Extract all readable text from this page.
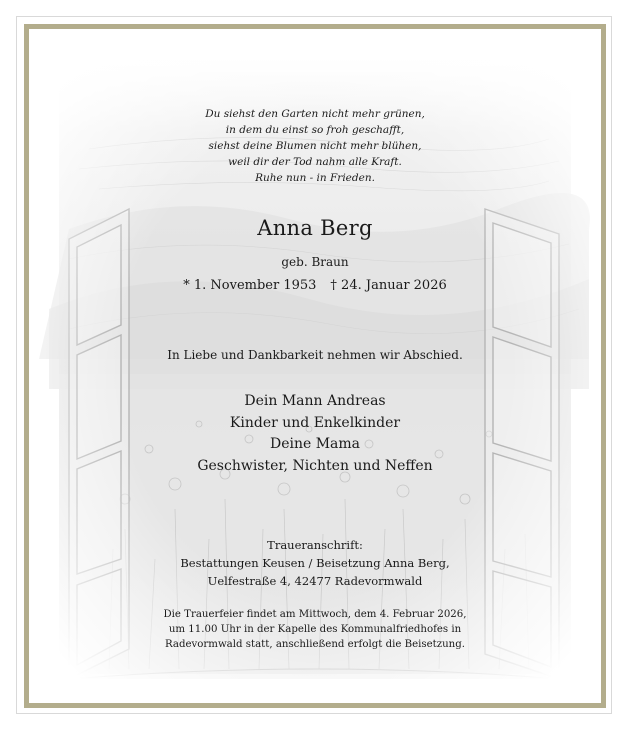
Du siehst den Garten nicht mehr grünen,
in dem du einst so froh geschafft,
siehst deine Blumen nicht mehr blühen,
weil dir der Tod nahm alle Kraft.
Ruhe nun - in Frieden.
Anna Berg
geb. Braun
* 1. November 1953 † 24. Januar 2026
In Liebe und Dankbarkeit nehmen wir Abschied.
Dein Mann Andreas
Kinder und Enkelkinder
Deine Mama
Geschwister, Nichten und Neffen
Traueranschrift:
Bestattungen Keusen / Beisetzung Anna Berg,
Uelfestraße 4, 42477 Radevormwald
Die Trauerfeier findet am Mittwoch, dem 4. Februar 2026,
um 11.00 Uhr in der Kapelle des Kommunalfriedhofes in
Radevormwald statt, anschließend erfolgt die Beisetzung.
